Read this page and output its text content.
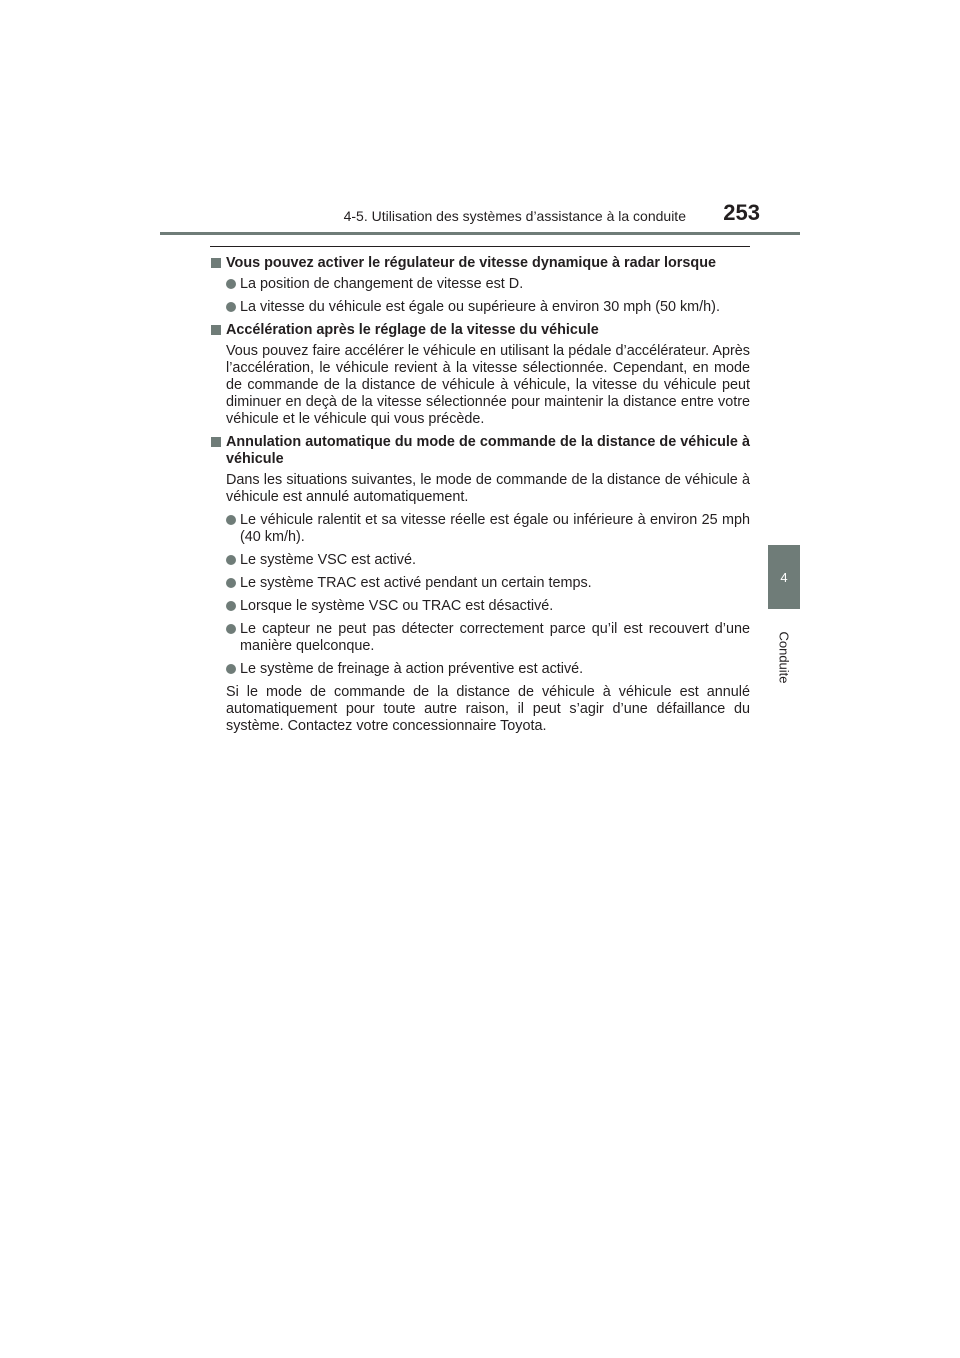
4-5. Utilisation des systèmes d’assistance à la conduite 253
4
Conduite
Vous pouvez activer le régulateur de vitesse dynamique à radar lorsque
La position de changement de vitesse est D.
La vitesse du véhicule est égale ou supérieure à environ 30 mph (50 km/h).
Accélération après le réglage de la vitesse du véhicule
Vous pouvez faire accélérer le véhicule en utilisant la pédale d’accélérateur. Après l’accélération, le véhicule revient à la vitesse sélectionnée. Cependant, en mode de commande de la distance de véhicule à véhicule, la vitesse du véhicule peut diminuer en deçà de la vitesse sélectionnée pour maintenir la distance entre votre véhicule et le véhicule qui vous précède.
Annulation automatique du mode de commande de la distance de véhicule à véhicule
Dans les situations suivantes, le mode de commande de la distance de véhicule à véhicule est annulé automatiquement.
Le véhicule ralentit et sa vitesse réelle est égale ou inférieure à environ 25 mph (40 km/h).
Le système VSC est activé.
Le système TRAC est activé pendant un certain temps.
Lorsque le système VSC ou TRAC est désactivé.
Le capteur ne peut pas détecter correctement parce qu’il est recouvert d’une manière quelconque.
Le système de freinage à action préventive est activé.
Si le mode de commande de la distance de véhicule à véhicule est annulé automatiquement pour toute autre raison, il peut s’agir d’une défaillance du système. Contactez votre concessionnaire Toyota.
